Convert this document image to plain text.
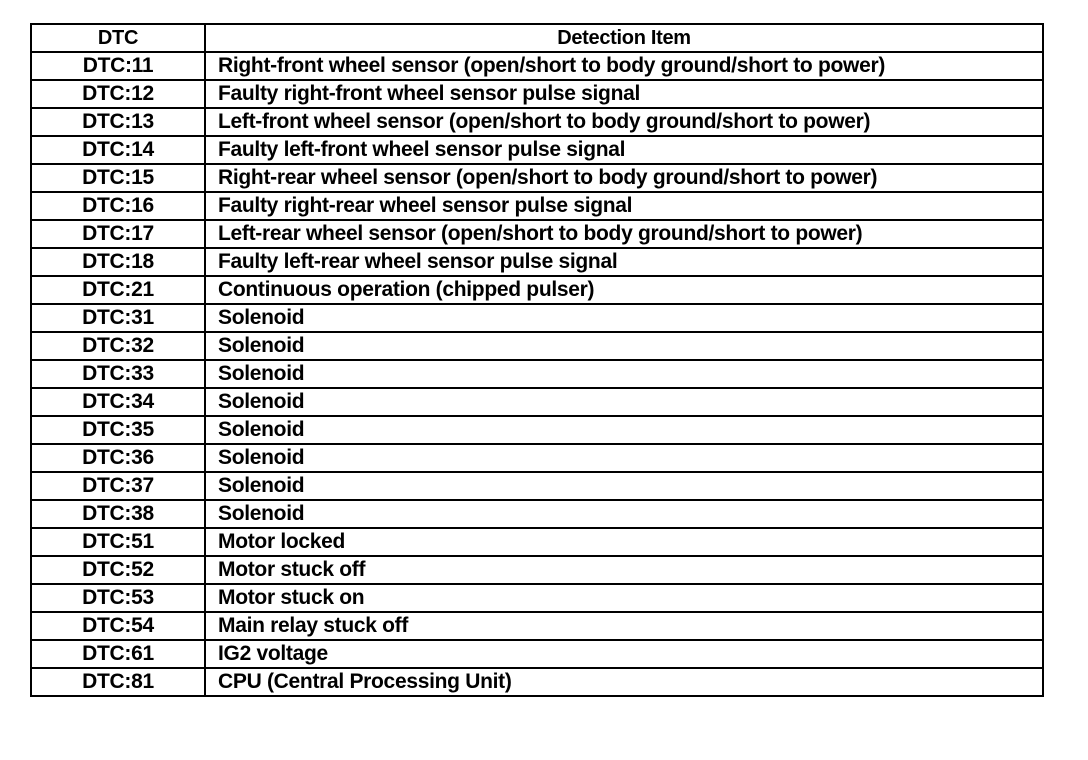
DTC	Detection Item
DTC:11	Right-front wheel sensor (open/short to body ground/short to power)
DTC:12	Faulty right-front wheel sensor pulse signal
DTC:13	Left-front wheel sensor (open/short to body ground/short to power)
DTC:14	Faulty left-front wheel sensor pulse signal
DTC:15	Right-rear wheel sensor (open/short to body ground/short to power)
DTC:16	Faulty right-rear wheel sensor pulse signal
DTC:17	Left-rear wheel sensor (open/short to body ground/short to power)
DTC:18	Faulty left-rear wheel sensor pulse signal
DTC:21	Continuous operation (chipped pulser)
DTC:31	Solenoid
DTC:32	Solenoid
DTC:33	Solenoid
DTC:34	Solenoid
DTC:35	Solenoid
DTC:36	Solenoid
DTC:37	Solenoid
DTC:38	Solenoid
DTC:51	Motor locked
DTC:52	Motor stuck off
DTC:53	Motor stuck on
DTC:54	Main relay stuck off
DTC:61	IG2 voltage
DTC:81	CPU (Central Processing Unit)
